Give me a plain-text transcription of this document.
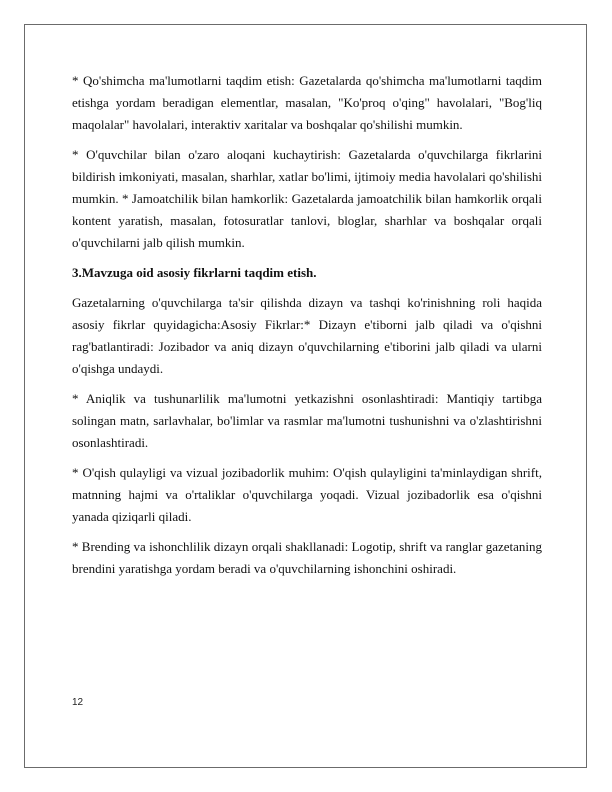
* Qo'shimcha ma'lumotlarni taqdim etish: Gazetalarda qo'shimcha ma'lumotlarni taqdim etishga yordam beradigan elementlar, masalan, "Ko'proq o'qing" havolalari, "Bog'liq maqolalar" havolalari, interaktiv xaritalar va boshqalar qo'shilishi mumkin.

* O'quvchilar bilan o'zaro aloqani kuchaytirish: Gazetalarda o'quvchilarga fikrlarini bildirish imkoniyati, masalan, sharhlar, xatlar bo'limi, ijtimoiy media havolalari qo'shilishi mumkin. * Jamoatchilik bilan hamkorlik: Gazetalarda jamoatchilik bilan hamkorlik orqali kontent yaratish, masalan, fotosuratlar tanlovi, bloglar, sharhlar va boshqalar orqali o'quvchilarni jalb qilish mumkin.

3.Mavzuga oid asosiy fikrlarni taqdim etish.

Gazetalarning o'quvchilarga ta'sir qilishda dizayn va tashqi ko'rinishning roli haqida asosiy fikrlar quyidagicha:Asosiy Fikrlar:* Dizayn e'tiborni jalb qiladi va o'qishni rag'batlantiradi: Jozibador va aniq dizayn o'quvchilarning e'tiborini jalb qiladi va ularni o'qishga undaydi.

* Aniqlik va tushunarlilik ma'lumotni yetkazishni osonlashtiradi: Mantiqiy tartibga solingan matn, sarlavhalar, bo'limlar va rasmlar ma'lumotni tushunishni va o'zlashtirishni osonlashtiradi.

* O'qish qulayligi va vizual jozibadorlik muhim: O'qish qulayligini ta'minlaydigan shrift, matnning hajmi va o'rtaliklar o'quvchilarga yoqadi. Vizual jozibadorlik esa o'qishni yanada qiziqarli qiladi.

* Brending va ishonchlilik dizayn orqali shakllanadi: Logotip, shrift va ranglar gazetaning brendini yaratishga yordam beradi va o'quvchilarning ishonchini oshiradi.

12
